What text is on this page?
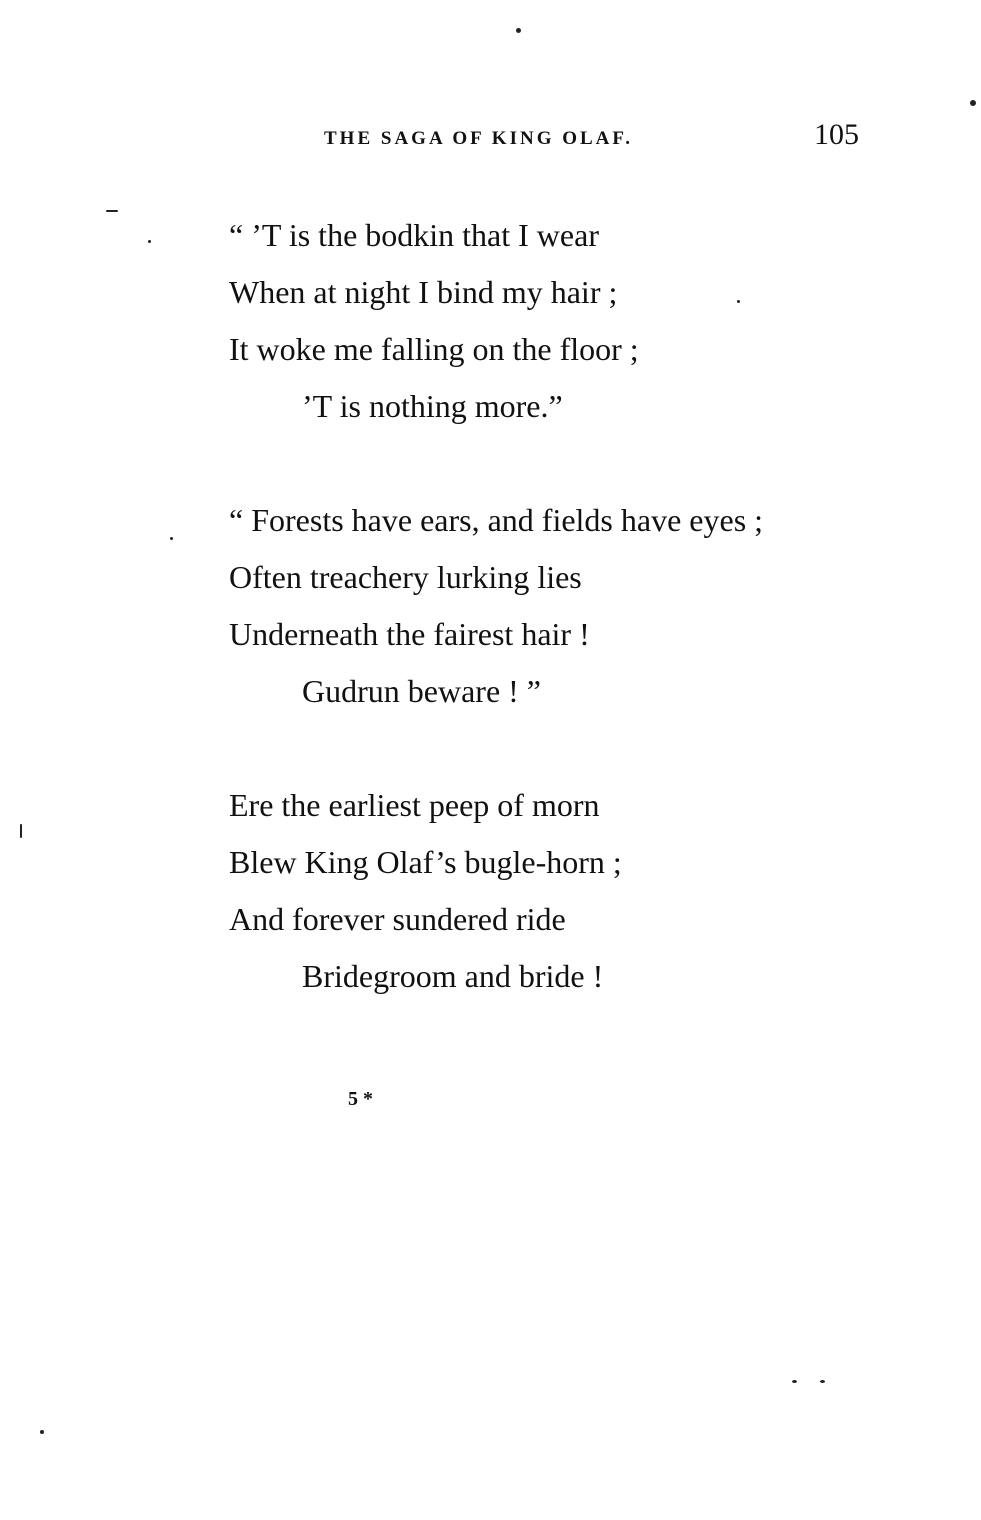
THE SAGA OF KING OLAF.	105
“ ’T is the bodkin that I wear
When at night I bind my hair ;
It woke me falling on the floor ;
’T is nothing more.”
“ Forests have ears, and fields have eyes ;
Often treachery lurking lies
Underneath the fairest hair !
Gudrun beware ! ”
Ere the earliest peep of morn
Blew King Olaf’s bugle-horn ;
And forever sundered ride
Bridegroom and bride !
5 *
